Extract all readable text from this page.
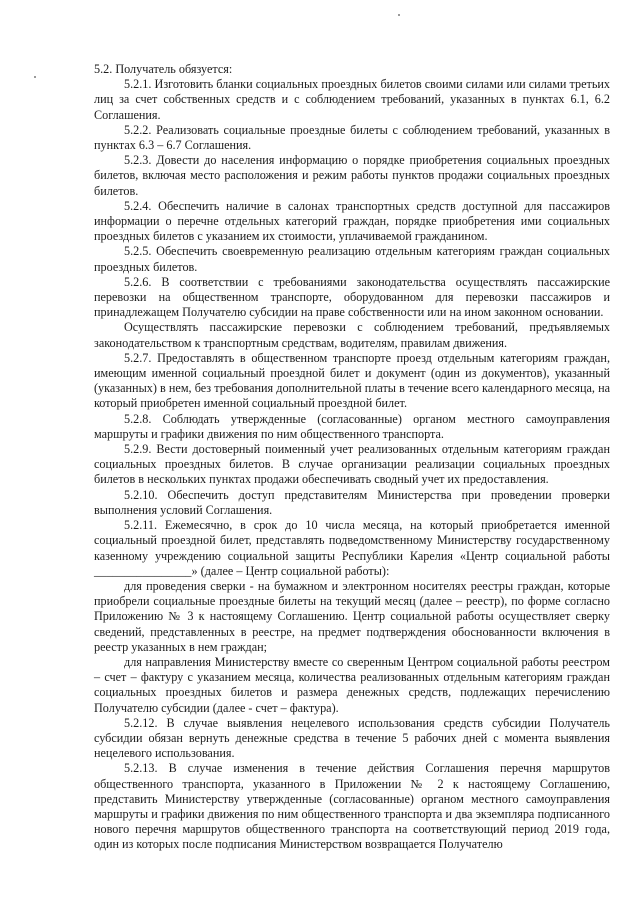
5.2. Получатель обязуется:

5.2.1. Изготовить бланки социальных проездных билетов своими силами или силами третьих лиц за счет собственных средств и с соблюдением требований, указанных в пунктах 6.1, 6.2 Соглашения.

5.2.2. Реализовать социальные проездные билеты с соблюдением требований, указанных в пунктах 6.3 – 6.7 Соглашения.

5.2.3. Довести до населения информацию о порядке приобретения социальных проездных билетов, включая место расположения и режим работы пунктов продажи социальных проездных билетов.

5.2.4. Обеспечить наличие в салонах транспортных средств доступной для пассажиров информации о перечне отдельных категорий граждан, порядке приобретения ими социальных проездных билетов с указанием их стоимости, уплачиваемой гражданином.

5.2.5. Обеспечить своевременную реализацию отдельным категориям граждан социальных проездных билетов.

5.2.6. В соответствии с требованиями законодательства осуществлять пассажирские перевозки на общественном транспорте, оборудованном для перевозки пассажиров и принадлежащем Получателю субсидии на праве собственности или на ином законном основании.

Осуществлять пассажирские перевозки с соблюдением требований, предъявляемых законодательством к транспортным средствам, водителям, правилам движения.

5.2.7. Предоставлять в общественном транспорте проезд отдельным категориям граждан, имеющим именной социальный проездной билет и документ (один из документов), указанный (указанных) в нем, без требования дополнительной платы в течение всего календарного месяца, на который приобретен именной социальный проездной билет.

5.2.8. Соблюдать утвержденные (согласованные) органом местного самоуправления маршруты и графики движения по ним общественного транспорта.

5.2.9. Вести достоверный поименный учет реализованных отдельным категориям граждан социальных проездных билетов. В случае организации реализации социальных проездных билетов в нескольких пунктах продажи обеспечивать сводный учет их предоставления.

5.2.10. Обеспечить доступ представителям Министерства при проведении проверки выполнения условий Соглашения.

5.2.11. Ежемесячно, в срок до 10 числа месяца, на который приобретается именной социальный проездной билет, представлять подведомственному Министерству государственному казенному учреждению социальной защиты Республики Карелия «Центр социальной работы ________________» (далее – Центр социальной работы):

для проведения сверки - на бумажном и электронном носителях реестры граждан, которые приобрели социальные проездные билеты на текущий месяц (далее – реестр), по форме согласно Приложению № 3 к настоящему Соглашению. Центр социальной работы осуществляет сверку сведений, представленных в реестре, на предмет подтверждения обоснованности включения в реестр указанных в нем граждан;

для направления Министерству вместе со сверенным Центром социальной работы реестром – счет – фактуру с указанием месяца, количества реализованных отдельным категориям граждан социальных проездных билетов и размера денежных средств, подлежащих перечислению Получателю субсидии (далее - счет – фактура).

5.2.12. В случае выявления нецелевого использования средств субсидии Получатель субсидии обязан вернуть денежные средства в течение 5 рабочих дней с момента выявления нецелевого использования.

5.2.13. В случае изменения в течение действия Соглашения перечня маршрутов общественного транспорта, указанного в Приложении № 2 к настоящему Соглашению, представить Министерству утвержденные (согласованные) органом местного самоуправления маршруты и графики движения по ним общественного транспорта и два экземпляра подписанного нового перечня маршрутов общественного транспорта на соответствующий период 2019 года, один из которых после подписания Министерством возвращается Получателю
